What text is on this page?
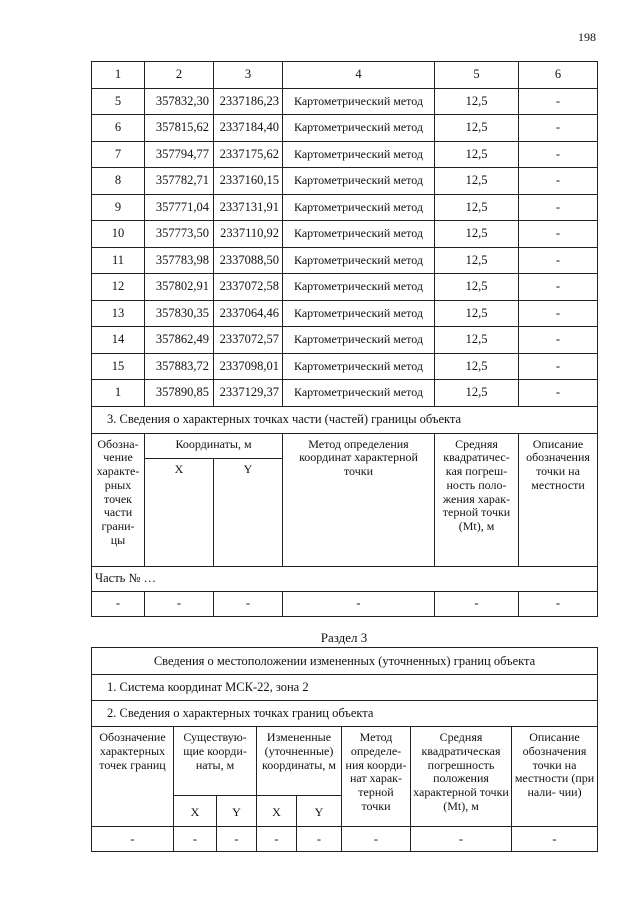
198
1	2	3	4	5	6
5	357832,30	2337186,23	Картометрический метод	12,5	-
6	357815,62	2337184,40	Картометрический метод	12,5	-
7	357794,77	2337175,62	Картометрический метод	12,5	-
8	357782,71	2337160,15	Картометрический метод	12,5	-
9	357771,04	2337131,91	Картометрический метод	12,5	-
10	357773,50	2337110,92	Картометрический метод	12,5	-
11	357783,98	2337088,50	Картометрический метод	12,5	-
12	357802,91	2337072,58	Картометрический метод	12,5	-
13	357830,35	2337064,46	Картометрический метод	12,5	-
14	357862,49	2337072,57	Картометрический метод	12,5	-
15	357883,72	2337098,01	Картометрический метод	12,5	-
1	357890,85	2337129,37	Картометрический метод	12,5	-
3. Сведения о характерных точках части (частей) границы объекта					
Обозна- чение характе- рных точек части грани- цы	Координаты, м		Метод определения координат характерной точки	Средняя квадратичес- кая погреш- ность поло- жения харак- терной точки (Mt), м	Описание обозначения точки на местности
	X	Y			
Часть № …					
-	-	-	-	-	-
Раздел 3
Сведения о местоположении измененных (уточненных) границ объекта							
1. Система координат МСК-22, зона 2							
2. Сведения о характерных точках границ объекта							
Обозначение характерных точек границ	Существую- щие коорди- наты, м		Измененные (уточненные) координаты, м		Метод определе- ния коорди- нат харак- терной точки	Средняя квадратическая погрешность положения характерной точки (Mt), м	Описание обозначения точки на местности (при нали- чии)
	X	Y	X	Y			
-	-	-	-	-	-	-	-
